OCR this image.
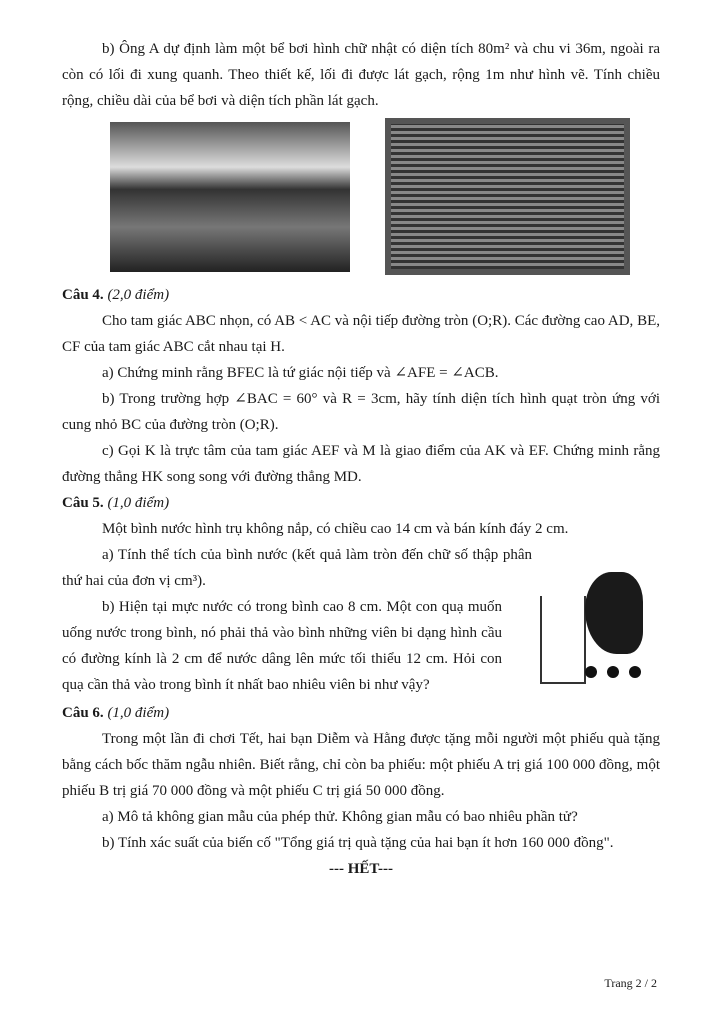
b) Ông A dự định làm một bể bơi hình chữ nhật có diện tích 80m² và chu vi 36m, ngoài ra còn có lối đi xung quanh. Theo thiết kế, lối đi được lát gạch, rộng 1m như hình vẽ. Tính chiều rộng, chiều dài của bể bơi và diện tích phần lát gạch.

Câu 4. (2,0 điểm)

Cho tam giác ABC nhọn, có AB < AC và nội tiếp đường tròn (O;R). Các đường cao AD, BE, CF của tam giác ABC cắt nhau tại H.

a) Chứng minh rằng BFEC là tứ giác nội tiếp và ∠AFE = ∠ACB.

b) Trong trường hợp ∠BAC = 60° và R = 3cm, hãy tính diện tích hình quạt tròn ứng với cung nhỏ BC của đường tròn (O;R).

c) Gọi K là trực tâm của tam giác AEF và M là giao điểm của AK và EF. Chứng minh rằng đường thẳng HK song song với đường thẳng MD.

Câu 5. (1,0 điểm)

Một bình nước hình trụ không nắp, có chiều cao 14 cm và bán kính đáy 2 cm.

a) Tính thể tích của bình nước (kết quả làm tròn đến chữ số thập phân thứ hai của đơn vị cm³).

b) Hiện tại mực nước có trong bình cao 8 cm. Một con quạ muốn uống nước trong bình, nó phải thả vào bình những viên bi dạng hình cầu có đường kính là 2 cm để nước dâng lên mức tối thiểu 12 cm. Hỏi con quạ cần thả vào trong bình ít nhất bao nhiêu viên bi như vậy?

Câu 6. (1,0 điểm)

Trong một lần đi chơi Tết, hai bạn Diễm và Hằng được tặng mỗi người một phiếu quà tặng bằng cách bốc thăm ngẫu nhiên. Biết rằng, chỉ còn ba phiếu: một phiếu A trị giá 100 000 đồng, một phiếu B trị giá 70 000 đồng và một phiếu C trị giá 50 000 đồng.

a) Mô tả không gian mẫu của phép thử. Không gian mẫu có bao nhiêu phần tử?

b) Tính xác suất của biến cố "Tổng giá trị quà tặng của hai bạn ít hơn 160 000 đồng".

--- HẾT---

Trang 2 / 2
